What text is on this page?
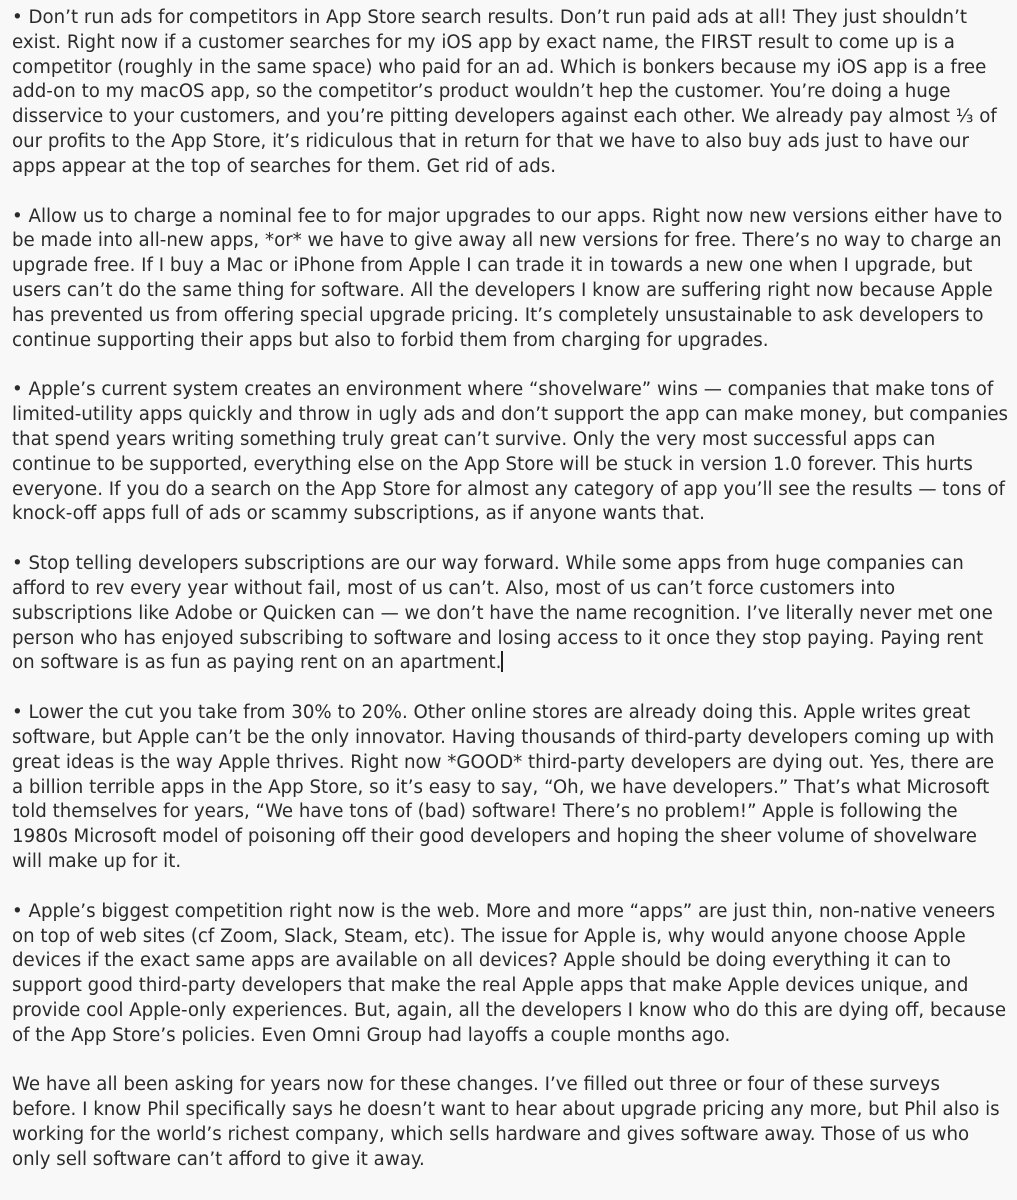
• Don’t run ads for competitors in App Store search results. Don’t run paid ads at all! They just shouldn’t exist. Right now if a customer searches for my iOS app by exact name, the FIRST result to come up is a competitor (roughly in the same space) who paid for an ad. Which is bonkers because my iOS app is a free add-on to my macOS app, so the competitor’s product wouldn’t hep the customer. You’re doing a huge disservice to your customers, and you’re pitting developers against each other. We already pay almost ⅓ of our profits to the App Store, it’s ridiculous that in return for that we have to also buy ads just to have our apps appear at the top of searches for them. Get rid of ads.

• Allow us to charge a nominal fee to for major upgrades to our apps. Right now new versions either have to be made into all-new apps, *or* we have to give away all new versions for free. There’s no way to charge an upgrade free. If I buy a Mac or iPhone from Apple I can trade it in towards a new one when I upgrade, but users can’t do the same thing for software. All the developers I know are suffering right now because Apple has prevented us from offering special upgrade pricing. It’s completely unsustainable to ask developers to continue supporting their apps but also to forbid them from charging for upgrades.

• Apple’s current system creates an environment where “shovelware” wins — companies that make tons of limited-utility apps quickly and throw in ugly ads and don’t support the app can make money, but companies that spend years writing something truly great can’t survive. Only the very most successful apps can continue to be supported, everything else on the App Store will be stuck in version 1.0 forever. This hurts everyone. If you do a search on the App Store for almost any category of app you’ll see the results — tons of knock-off apps full of ads or scammy subscriptions, as if anyone wants that.

• Stop telling developers subscriptions are our way forward. While some apps from huge companies can afford to rev every year without fail, most of us can’t. Also, most of us can’t force customers into subscriptions like Adobe or Quicken can — we don’t have the name recognition. I’ve literally never met one person who has enjoyed subscribing to software and losing access to it once they stop paying. Paying rent on software is as fun as paying rent on an apartment.

• Lower the cut you take from 30% to 20%. Other online stores are already doing this. Apple writes great software, but Apple can’t be the only innovator. Having thousands of third-party developers coming up with great ideas is the way Apple thrives. Right now *GOOD* third-party developers are dying out. Yes, there are a billion terrible apps in the App Store, so it’s easy to say, “Oh, we have developers.” That’s what Microsoft told themselves for years, “We have tons of (bad) software! There’s no problem!” Apple is following the 1980s Microsoft model of poisoning off their good developers and hoping the sheer volume of shovelware will make up for it.

• Apple’s biggest competition right now is the web. More and more “apps” are just thin, non-native veneers on top of web sites (cf Zoom, Slack, Steam, etc). The issue for Apple is, why would anyone choose Apple devices if the exact same apps are available on all devices? Apple should be doing everything it can to support good third-party developers that make the real Apple apps that make Apple devices unique, and provide cool Apple-only experiences. But, again, all the developers I know who do this are dying off, because of the App Store’s policies. Even Omni Group had layoffs a couple months ago.

We have all been asking for years now for these changes. I’ve filled out three or four of these surveys before. I know Phil specifically says he doesn’t want to hear about upgrade pricing any more, but Phil also is working for the world’s richest company, which sells hardware and gives software away. Those of us who only sell software can’t afford to give it away.
